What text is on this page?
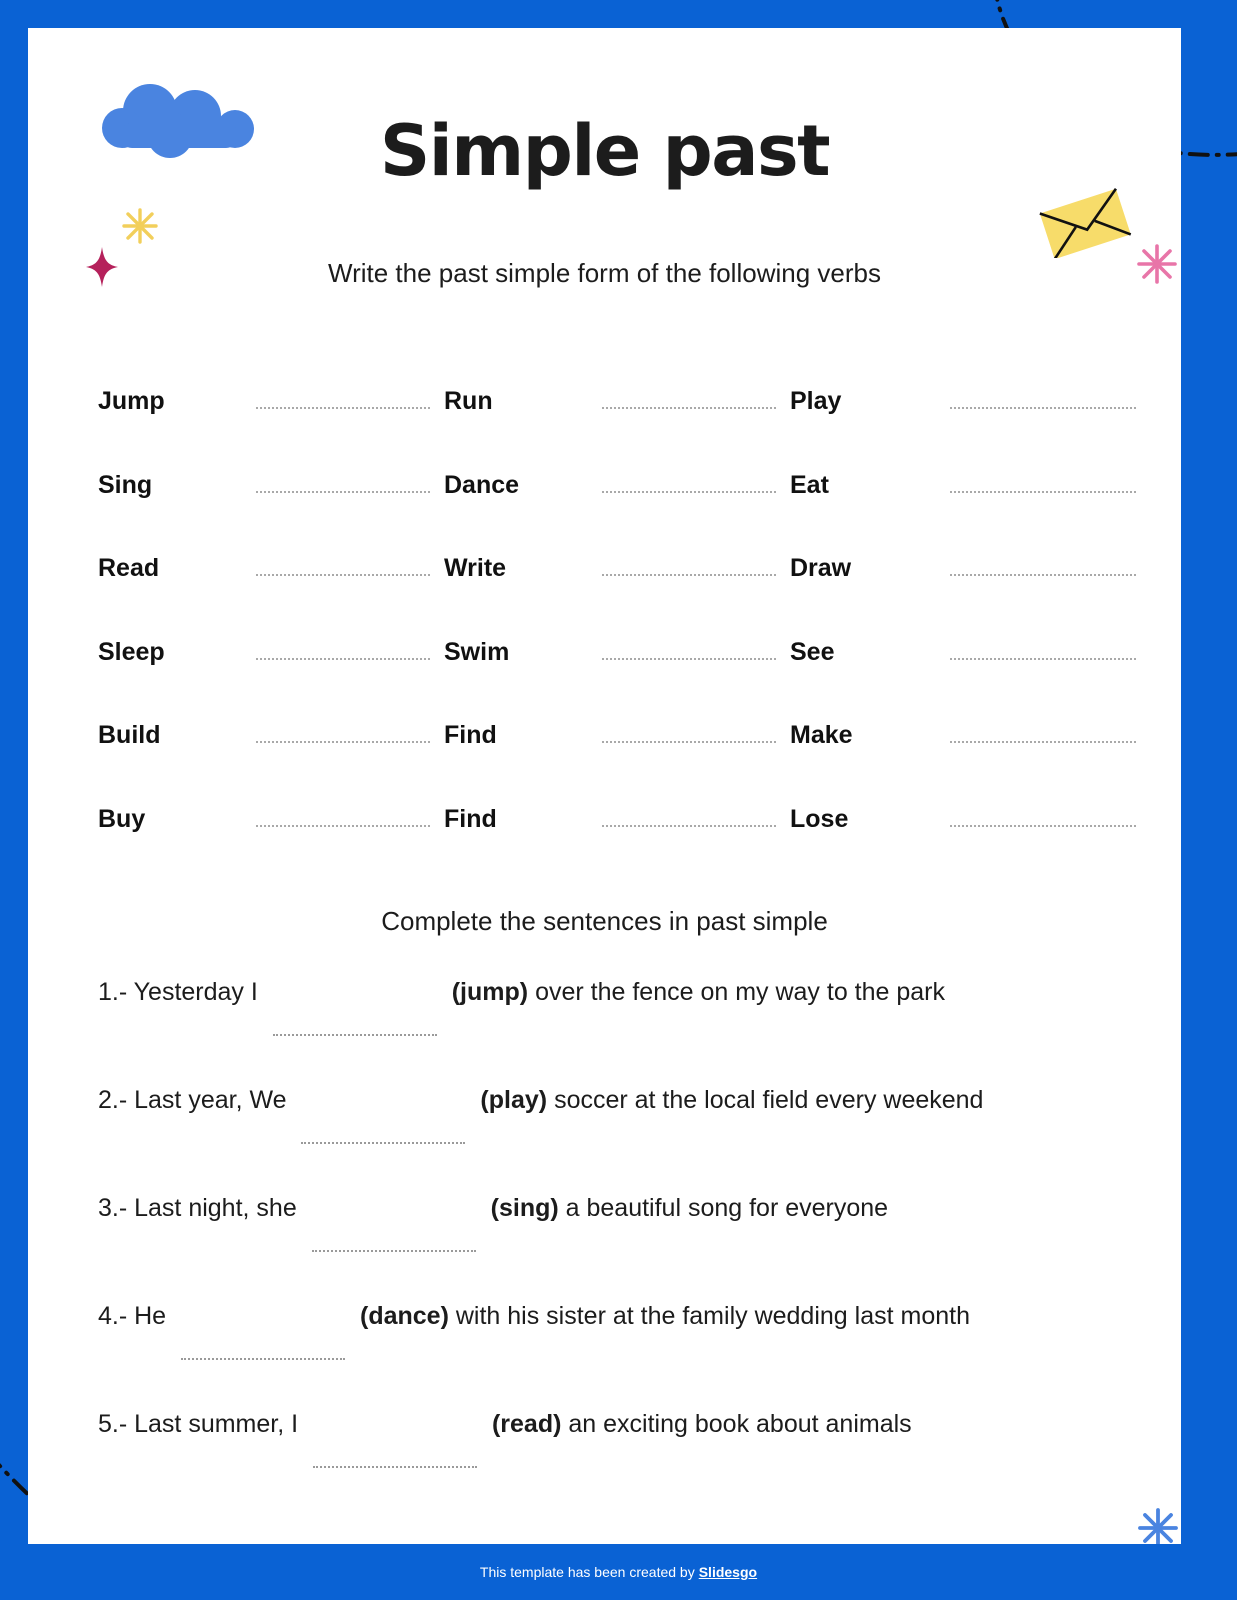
Simple past
Write the past simple form of the following verbs
Jump	Run	Play
Sing	Dance	Eat
Read	Write	Draw
Sleep	Swim	See
Build	Find	Make
Buy	Find	Lose
Complete the sentences in past simple
1.- Yesterday I	(jump) over the fence on my way to the park
2.- Last year, We	(play) soccer at the local field every weekend
3.- Last night, she	(sing) a beautiful song for everyone
4.- He	(dance) with his sister at the family wedding last month
5.- Last summer, I	(read) an exciting book about animals
This template has been created by Slidesgo
